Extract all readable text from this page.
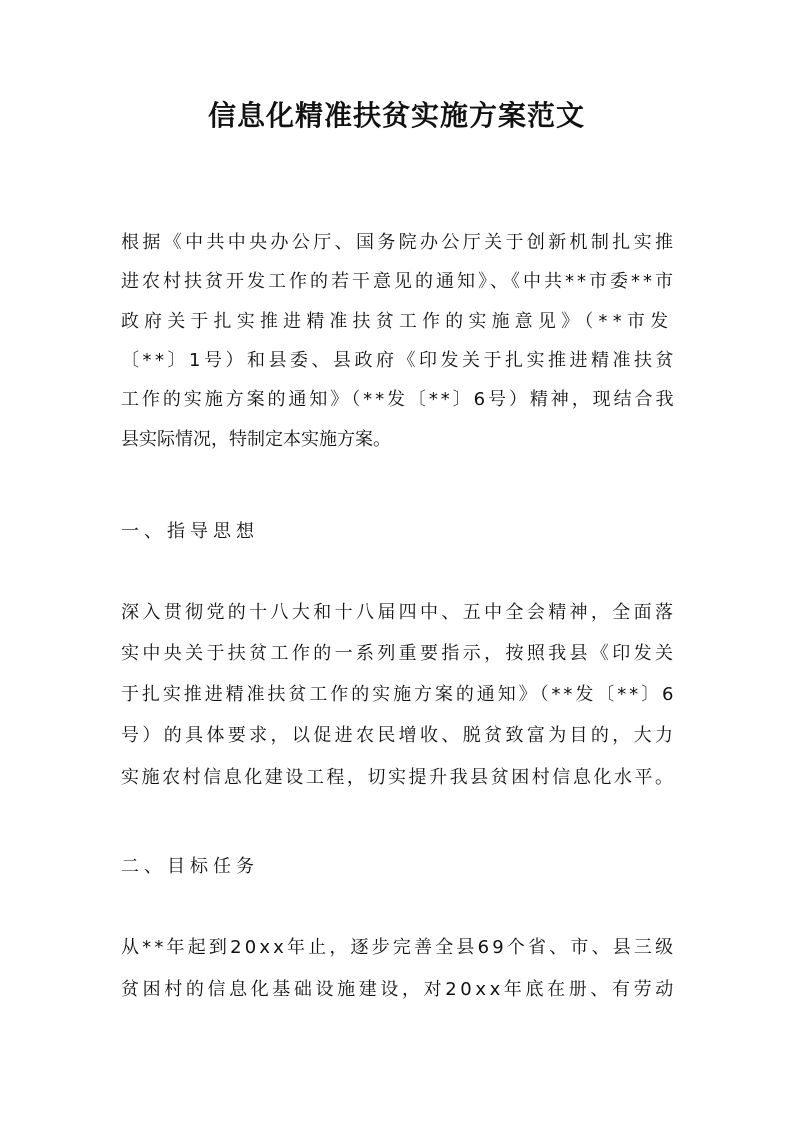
信息化精准扶贫实施方案范文
根据《中共中央办公厅、国务院办公厅关于创新机制扎实推
进农村扶贫开发工作的若干意见的通知》、《中共**市委**市
政府关于扎实推进精准扶贫工作的实施意见》（**市发
〔**〕1号）和县委、县政府《印发关于扎实推进精准扶贫
工作的实施方案的通知》（**发〔**〕6号）精神，现结合我
县实际情况，特制定本实施方案。
一、指导思想
深入贯彻党的十八大和十八届四中、五中全会精神，全面落
实中央关于扶贫工作的一系列重要指示，按照我县《印发关
于扎实推进精准扶贫工作的实施方案的通知》（**发〔**〕6
号）的具体要求，以促进农民增收、脱贫致富为目的，大力
实施农村信息化建设工程，切实提升我县贫困村信息化水平。
二、目标任务
从**年起到20xx年止，逐步完善全县69个省、市、县三级
贫困村的信息化基础设施建设，对20xx年底在册、有劳动
